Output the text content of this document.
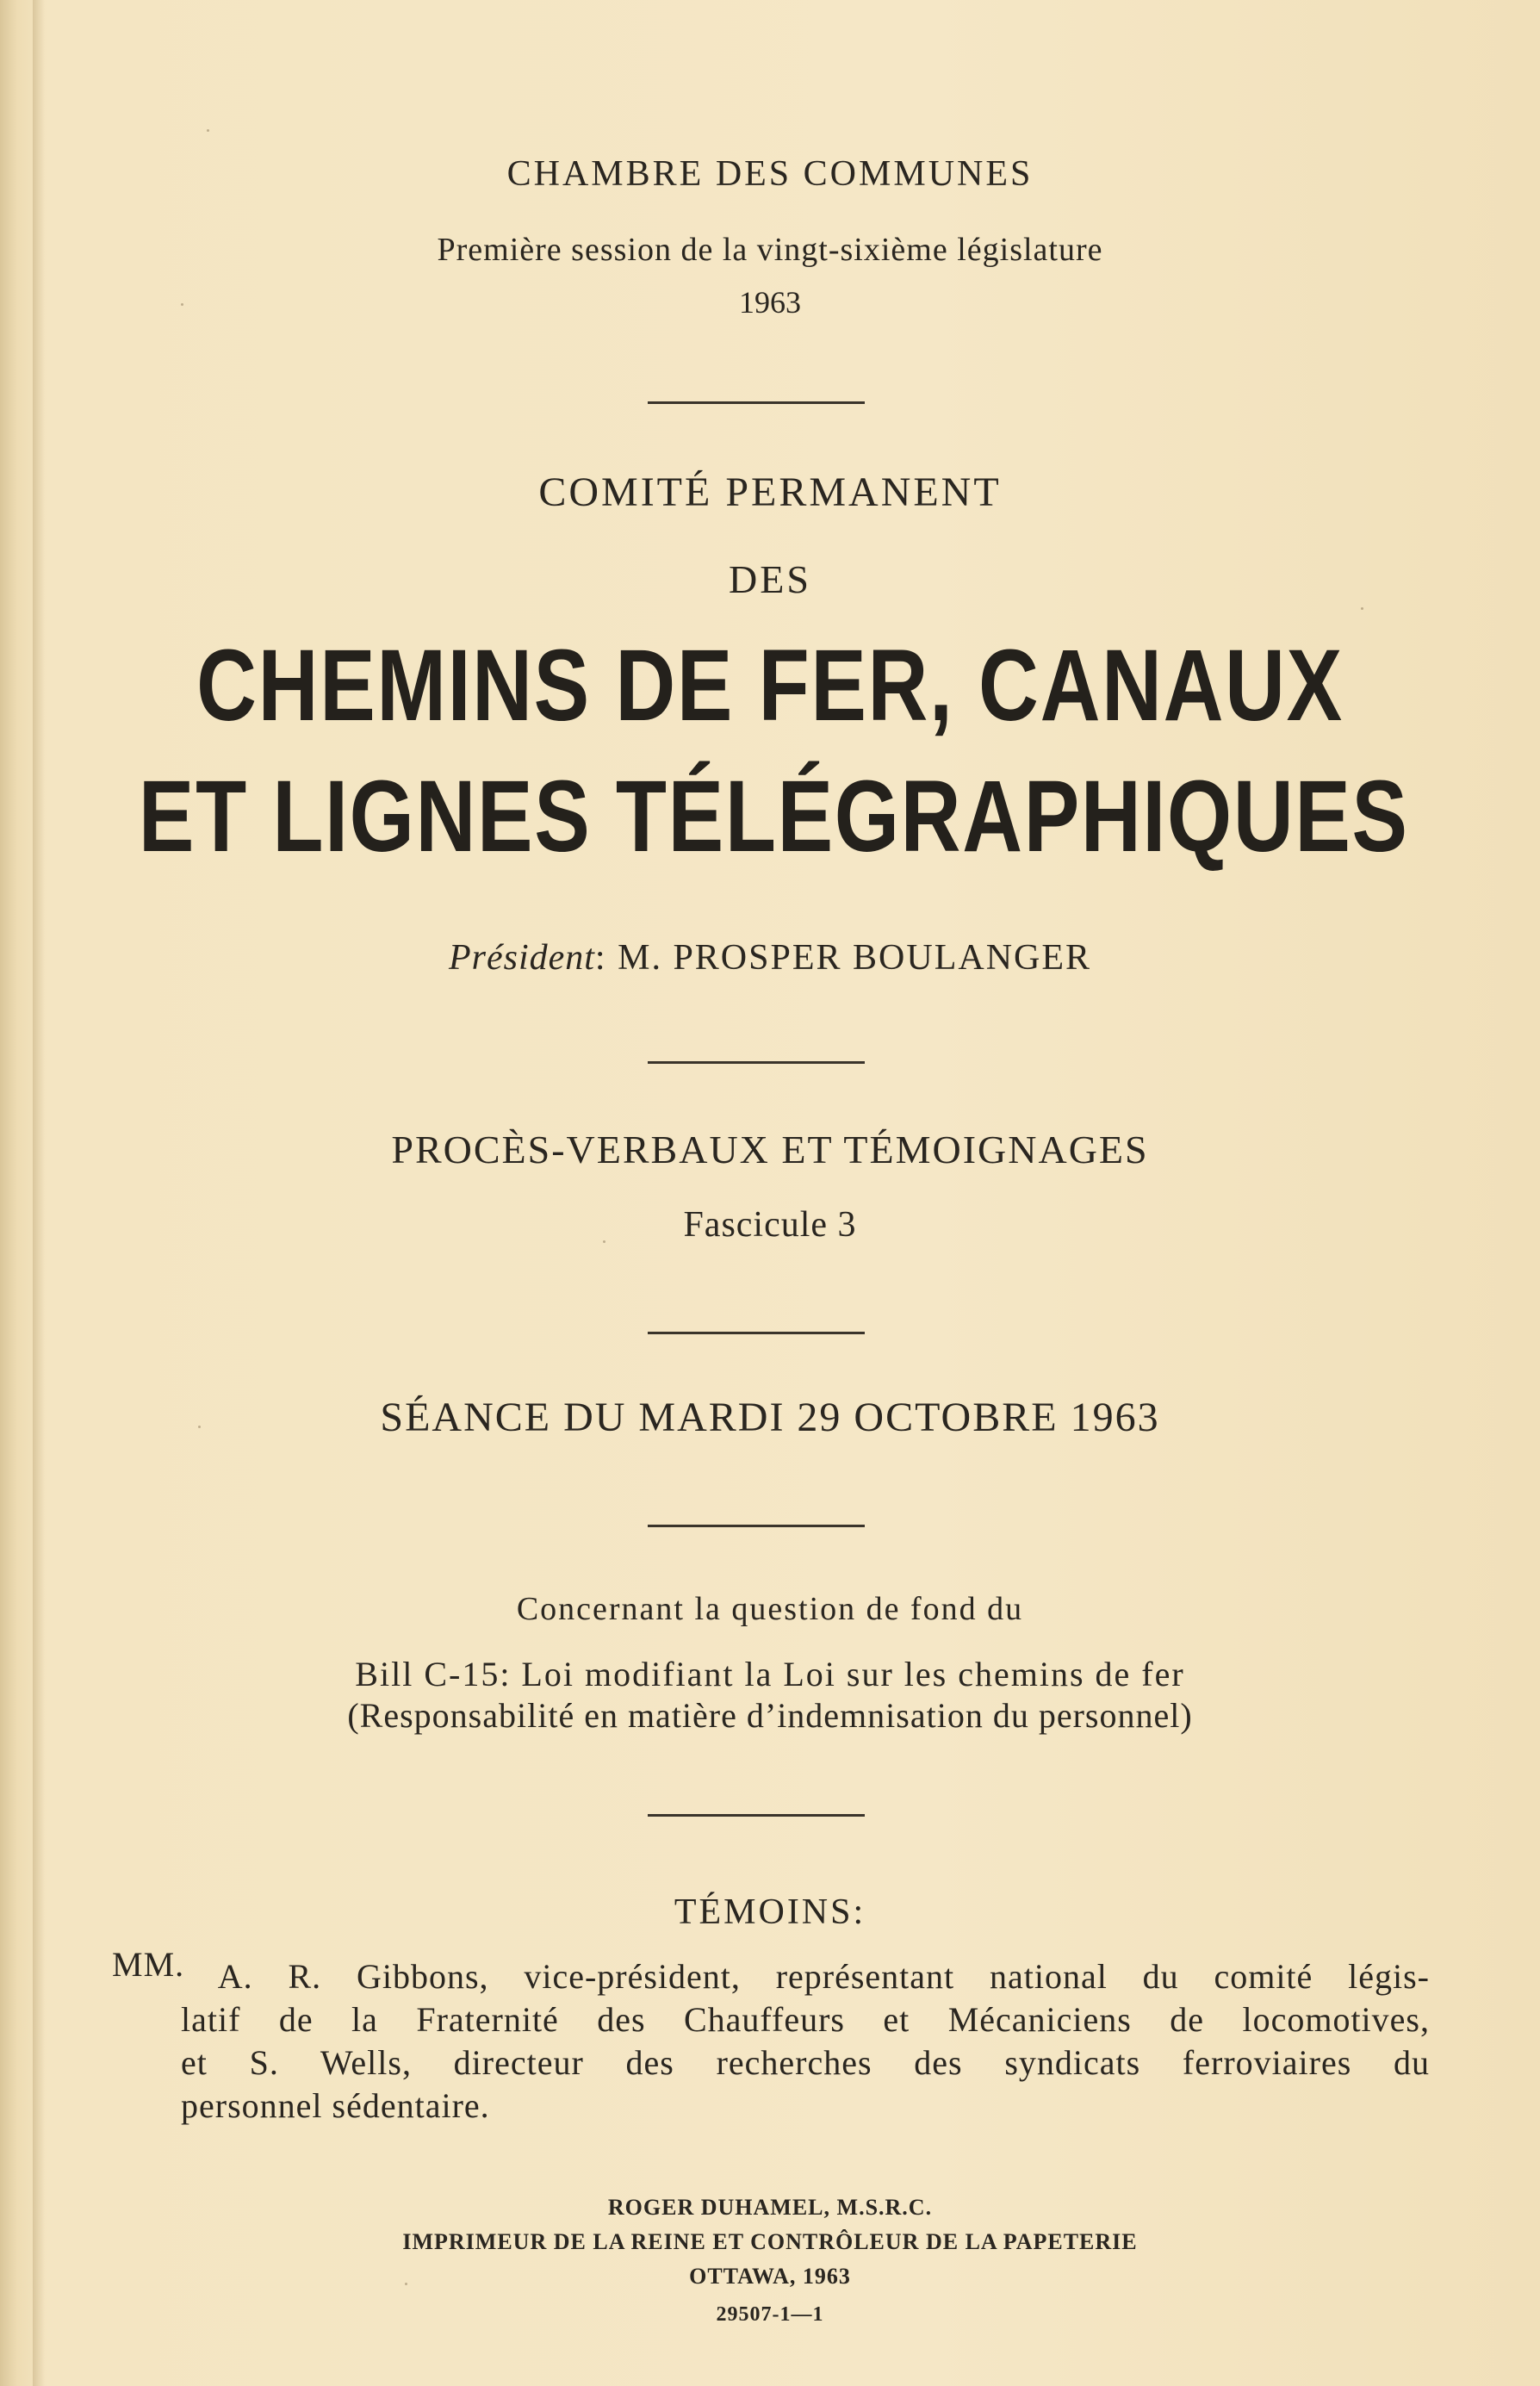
CHAMBRE DES COMMUNES
Première session de la vingt-sixième législature
1963
COMITÉ PERMANENT
DES
CHEMINS DE FER, CANAUX
ET LIGNES TÉLÉGRAPHIQUES
Président: M. PROSPER BOULANGER
PROCÈS-VERBAUX ET TÉMOIGNAGES
Fascicule 3
SÉANCE DU MARDI 29 OCTOBRE 1963
Concernant la question de fond du
Bill C-15: Loi modifiant la Loi sur les chemins de fer
(Responsabilité en matière d’indemnisation du personnel)
TÉMOINS:
MM. A. R. Gibbons, vice-président, représentant national du comité légis-
latif de la Fraternité des Chauffeurs et Mécaniciens de locomotives,
et S. Wells, directeur des recherches des syndicats ferroviaires du
personnel sédentaire.
ROGER DUHAMEL, M.S.R.C.
IMPRIMEUR DE LA REINE ET CONTRÔLEUR DE LA PAPETERIE
OTTAWA, 1963
29507-1—1
